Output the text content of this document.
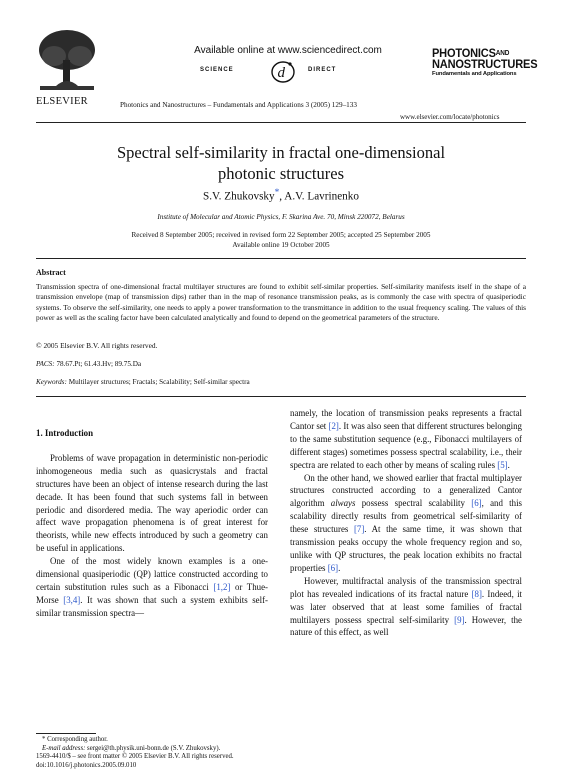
ELSEVIER
Available online at www.sciencedirect.com
SCIENCE	d	DIRECT
Photonics and Nanostructures – Fundamentals and Applications 3 (2005) 129–133
www.elsevier.com/locate/photonics
$PHOTONICS^{AND}$
NANOSTRUCTURES
Fundamentals and Applications
Spectral self-similarity in fractal one-dimensional
photonic structures
S.V. Zhukovsky*, A.V. Lavrinenko
Institute of Molecular and Atomic Physics, F. Skarina Ave. 70, Minsk 220072, Belarus
Received 8 September 2005; received in revised form 22 September 2005; accepted 25 September 2005
Available online 19 October 2005
Abstract
Transmission spectra of one-dimensional fractal multilayer structures are found to exhibit self-similar properties. Self-similarity manifests itself in the shape of a transmission envelope (map of transmission dips) rather than in the map of resonance transmission peaks, as is commonly the case with spectra of quasiperiodic systems. To observe the self-similarity, one needs to apply a power transformation to the transmittance in addition to the usual frequency scaling. The values of this power as well as the scaling factor have been calculated analytically and found to depend on the geometrical parameters of the structure.
© 2005 Elsevier B.V. All rights reserved.
PACS: 78.67.Pt; 61.43.Hv; 89.75.Da
Keywords: Multilayer structures; Fractals; Scalability; Self-similar spectra
1. Introduction

Problems of wave propagation in deterministic non-periodic inhomogeneous media such as quasicrystals and fractal structures have been an object of intense research during the last decade. It has been found that such systems fall in between periodic and disordered media. The way aperiodic order can affect wave propagation phenomena is of great interest for theorists, while new effects introduced by such a geometry can be useful in applications.

One of the most widely known examples is a one-dimensional quasiperiodic (QP) lattice constructed according to certain substitution rules such as a Fibonacci [1,2] or Thue-Morse [3,4]. It was shown that such a system exhibits self-similar transmission spectra—

namely, the location of transmission peaks represents a fractal Cantor set [2]. It was also seen that different structures belonging to the same substitution sequence (e.g., Fibonacci multilayers of different stages) sometimes possess spectral scalability, i.e., their spectra are related to each other by means of scaling rules [5].

On the other hand, we showed earlier that fractal multiplayer structures constructed according to a generalized Cantor algorithm always possess spectral scalability [6], and this scalability directly results from geometrical self-similarity of these structures [7]. At the same time, it was shown that transmission peaks occupy the whole frequency region and so, unlike with QP structures, the peak location exhibits no fractal properties [6].

However, multifractal analysis of the transmission spectral plot has revealed indications of its fractal nature [8]. Indeed, it was later observed that at least some families of fractal multilayers possess spectral self-similarity [9]. However, the nature of this effect, as well

* Corresponding author.
E-mail address: sergei@th.physik.uni-bonn.de (S.V. Zhukovsky).
1569-4410/$ – see front matter © 2005 Elsevier B.V. All rights reserved.
doi:10.1016/j.photonics.2005.09.010
